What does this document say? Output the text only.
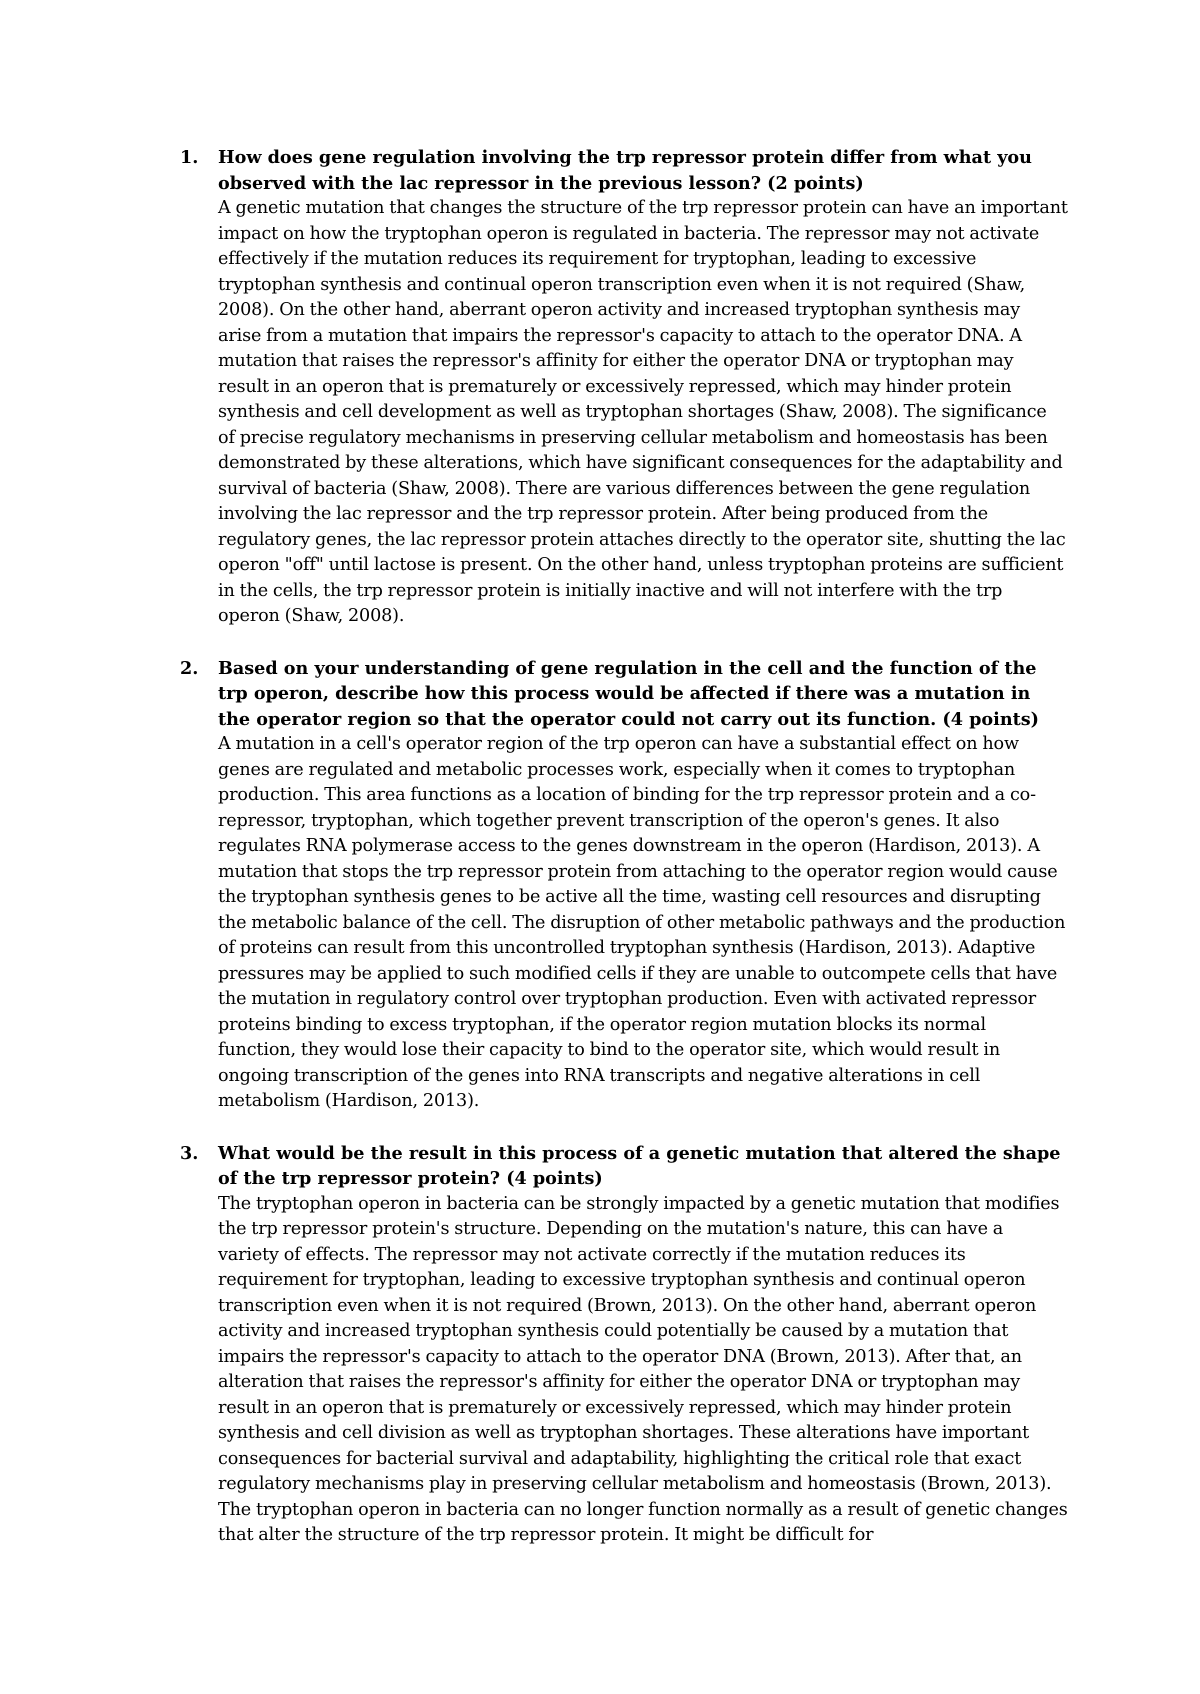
1. How does gene regulation involving the trp repressor protein differ from what you observed with the lac repressor in the previous lesson? (2 points)

A genetic mutation that changes the structure of the trp repressor protein can have an important impact on how the tryptophan operon is regulated in bacteria. The repressor may not activate effectively if the mutation reduces its requirement for tryptophan, leading to excessive tryptophan synthesis and continual operon transcription even when it is not required (Shaw, 2008). On the other hand, aberrant operon activity and increased tryptophan synthesis may arise from a mutation that impairs the repressor's capacity to attach to the operator DNA. A mutation that raises the repressor's affinity for either the operator DNA or tryptophan may result in an operon that is prematurely or excessively repressed, which may hinder protein synthesis and cell development as well as tryptophan shortages (Shaw, 2008). The significance of precise regulatory mechanisms in preserving cellular metabolism and homeostasis has been demonstrated by these alterations, which have significant consequences for the adaptability and survival of bacteria (Shaw, 2008). There are various differences between the gene regulation involving the lac repressor and the trp repressor protein. After being produced from the regulatory genes, the lac repressor protein attaches directly to the operator site, shutting the lac operon "off" until lactose is present. On the other hand, unless tryptophan proteins are sufficient in the cells, the trp repressor protein is initially inactive and will not interfere with the trp operon (Shaw, 2008).

2. Based on your understanding of gene regulation in the cell and the function of the trp operon, describe how this process would be affected if there was a mutation in the operator region so that the operator could not carry out its function. (4 points)

A mutation in a cell's operator region of the trp operon can have a substantial effect on how genes are regulated and metabolic processes work, especially when it comes to tryptophan production. This area functions as a location of binding for the trp repressor protein and a co-repressor, tryptophan, which together prevent transcription of the operon's genes. It also regulates RNA polymerase access to the genes downstream in the operon (Hardison, 2013). A mutation that stops the trp repressor protein from attaching to the operator region would cause the tryptophan synthesis genes to be active all the time, wasting cell resources and disrupting the metabolic balance of the cell. The disruption of other metabolic pathways and the production of proteins can result from this uncontrolled tryptophan synthesis (Hardison, 2013). Adaptive pressures may be applied to such modified cells if they are unable to outcompete cells that have the mutation in regulatory control over tryptophan production. Even with activated repressor proteins binding to excess tryptophan, if the operator region mutation blocks its normal function, they would lose their capacity to bind to the operator site, which would result in ongoing transcription of the genes into RNA transcripts and negative alterations in cell metabolism (Hardison, 2013).

3. What would be the result in this process of a genetic mutation that altered the shape of the trp repressor protein? (4 points)

The tryptophan operon in bacteria can be strongly impacted by a genetic mutation that modifies the trp repressor protein's structure. Depending on the mutation's nature, this can have a variety of effects. The repressor may not activate correctly if the mutation reduces its requirement for tryptophan, leading to excessive tryptophan synthesis and continual operon transcription even when it is not required (Brown, 2013). On the other hand, aberrant operon activity and increased tryptophan synthesis could potentially be caused by a mutation that impairs the repressor's capacity to attach to the operator DNA (Brown, 2013). After that, an alteration that raises the repressor's affinity for either the operator DNA or tryptophan may result in an operon that is prematurely or excessively repressed, which may hinder protein synthesis and cell division as well as tryptophan shortages. These alterations have important consequences for bacterial survival and adaptability, highlighting the critical role that exact regulatory mechanisms play in preserving cellular metabolism and homeostasis (Brown, 2013). The tryptophan operon in bacteria can no longer function normally as a result of genetic changes that alter the structure of the trp repressor protein. It might be difficult for
